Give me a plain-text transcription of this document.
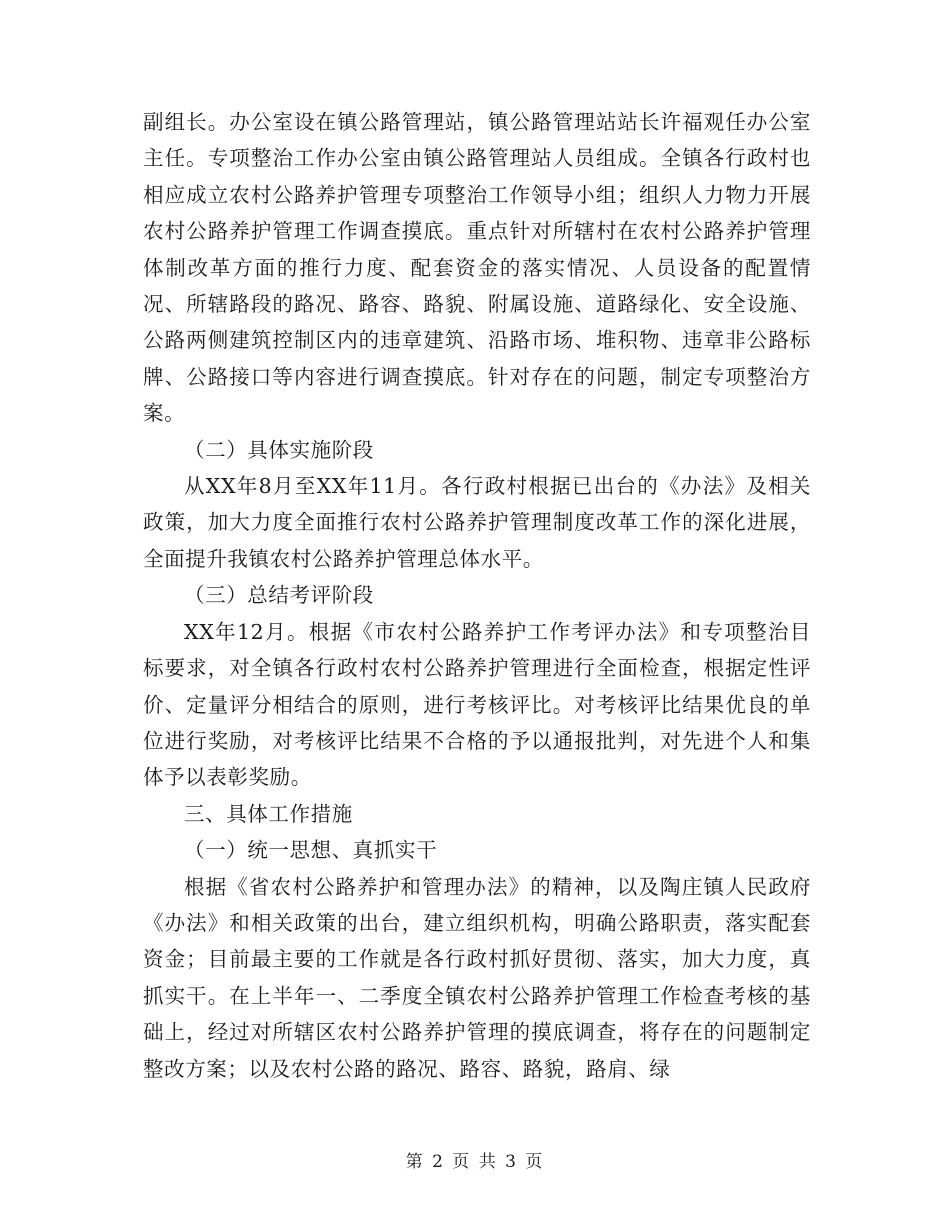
副组长。办公室设在镇公路管理站，镇公路管理站站长许福观任办公室主任。专项整治工作办公室由镇公路管理站人员组成。全镇各行政村也相应成立农村公路养护管理专项整治工作领导小组；组织人力物力开展农村公路养护管理工作调查摸底。重点针对所辖村在农村公路养护管理体制改革方面的推行力度、配套资金的落实情况、人员设备的配置情况、所辖路段的路况、路容、路貌、附属设施、道路绿化、安全设施、公路两侧建筑控制区内的违章建筑、沿路市场、堆积物、违章非公路标牌、公路接口等内容进行调查摸底。针对存在的问题，制定专项整治方案。

（二）具体实施阶段

从XX年8月至XX年11月。各行政村根据已出台的《办法》及相关政策，加大力度全面推行农村公路养护管理制度改革工作的深化进展，全面提升我镇农村公路养护管理总体水平。

（三）总结考评阶段

XX年12月。根据《市农村公路养护工作考评办法》和专项整治目标要求，对全镇各行政村农村公路养护管理进行全面检查，根据定性评价、定量评分相结合的原则，进行考核评比。对考核评比结果优良的单位进行奖励，对考核评比结果不合格的予以通报批判，对先进个人和集体予以表彰奖励。

三、具体工作措施

（一）统一思想、真抓实干

根据《省农村公路养护和管理办法》的精神，以及陶庄镇人民政府《办法》和相关政策的出台，建立组织机构，明确公路职责，落实配套资金；目前最主要的工作就是各行政村抓好贯彻、落实，加大力度，真抓实干。在上半年一、二季度全镇农村公路养护管理工作检查考核的基础上，经过对所辖区农村公路养护管理的摸底调查，将存在的问题制定整改方案；以及农村公路的路况、路容、路貌，路肩、绿

第 2 页 共 3 页
